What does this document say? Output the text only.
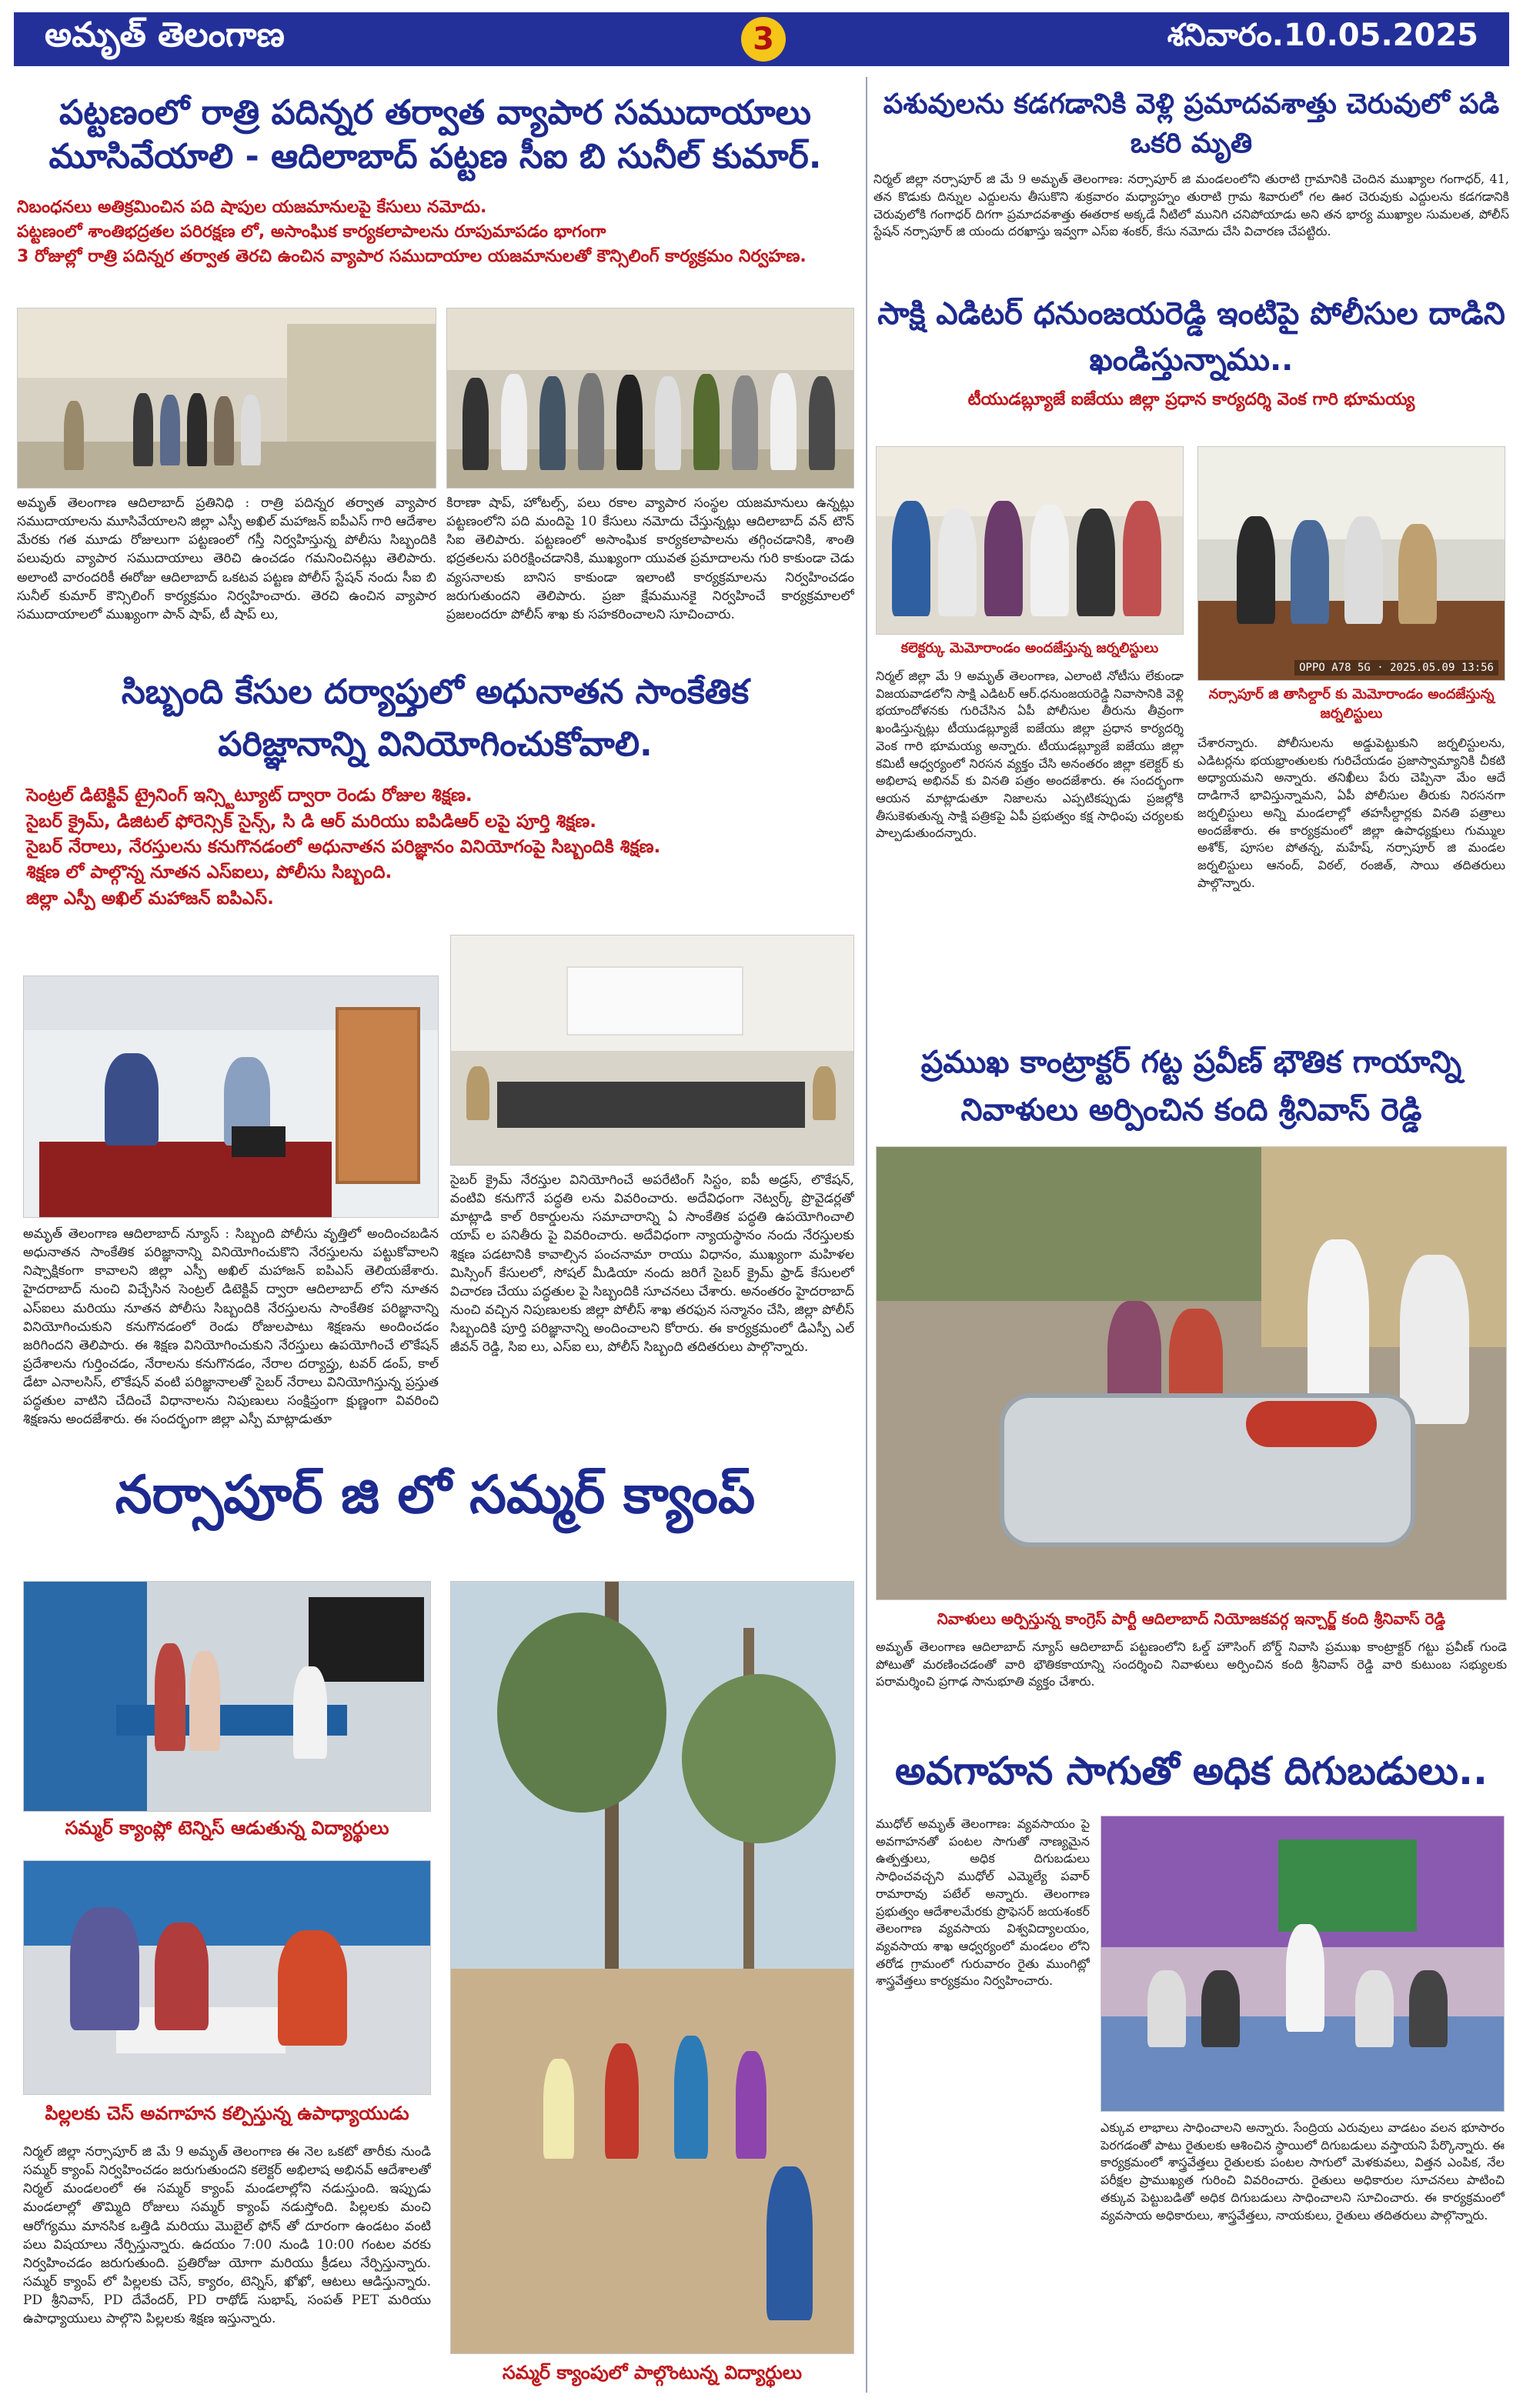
అమృత్ తెలంగాణ	3	శనివారం.10.05.2025
పట్టణంలో రాత్రి పదిన్నర తర్వాత వ్యాపార సముదాయాలు మూసివేయాలి - ఆదిలాబాద్ పట్టణ సీఐ బి సునీల్ కుమార్.
నిబంధనలు అతిక్రమించిన పది షాపుల యజమానులపై కేసులు నమోదు.
పట్టణంలో శాంతిభద్రతల పరిరక్షణ లో, అసాంఘిక కార్యకలాపాలను రూపుమాపడం భాగంగా
3 రోజుల్లో రాత్రి పదిన్నర తర్వాత తెరచి ఉంచిన వ్యాపార సముదాయాల యజమానులతో కౌన్సిలింగ్ కార్యక్రమం నిర్వహణ.
అమృత్ తెలంగాణ ఆదిలాబాద్ ప్రతినిధి : రాత్రి పదిన్నర తర్వాత వ్యాపార సముదాయాలను మూసివేయాలని జిల్లా ఎస్పీ అఖిల్ మహాజన్ ఐపీఎస్ గారి ఆదేశాల మేరకు గత మూడు రోజులుగా పట్టణంలో గస్తీ నిర్వహిస్తున్న పోలీసు సిబ్బందికి పలువురు వ్యాపార సముదాయాలు తెరిచి ఉంచడం గమనించినట్లు తెలిపారు. అలాంటి వారందరికీ ఈరోజు ఆదిలాబాద్ ఒకటవ పట్టణ పోలీస్ స్టేషన్ నందు సీఐ బి సునీల్ కుమార్ కౌన్సిలింగ్ కార్యక్రమం నిర్వహించారు. తెరచి ఉంచిన వ్యాపార సముదాయాలలో ముఖ్యంగా పాన్ షాప్, టీ షాప్ లు,
కిరాణా షాప్, హోటల్స్, పలు రకాల వ్యాపార సంస్థల యజమానులు ఉన్నట్లు పట్టణంలోని పది మందిపై 10 కేసులు నమోదు చేస్తున్నట్లు ఆదిలాబాద్ వన్ టౌన్ సిఐ తెలిపారు. పట్టణంలో అసాంఘిక కార్యకలాపాలను తగ్గించడానికి, శాంతి భద్రతలను పరిరక్షించడానికి, ముఖ్యంగా యువత ప్రమాదాలను గురి కాకుండా చెడు వ్యసనాలకు బానిస కాకుండా ఇలాంటి కార్యక్రమాలను నిర్వహించడం జరుగుతుందని తెలిపారు. ప్రజా క్షేమమునకై నిర్వహించే కార్యక్రమాలలో ప్రజలందరూ పోలీస్ శాఖ కు సహకరించాలని సూచించారు.
సిబ్బంది కేసుల దర్యాప్తులో అధునాతన సాంకేతిక పరిజ్ఞానాన్ని వినియోగించుకోవాలి.
సెంట్రల్ డిటెక్టివ్ ట్రైనింగ్ ఇన్స్టిట్యూట్ ద్వారా రెండు రోజుల శిక్షణ.
సైబర్ క్రైమ్, డిజిటల్ ఫోరెన్సిక్ సైన్స్, సి డి ఆర్ మరియు ఐపిడిఆర్ లపై పూర్తి శిక్షణ.
సైబర్ నేరాలు, నేరస్తులను కనుగొనడంలో అధునాతన పరిజ్ఞానం వినియోగంపై సిబ్బందికి శిక్షణ.
శిక్షణ లో పాల్గొన్న నూతన ఎస్ఐలు, పోలీసు సిబ్బంది.
జిల్లా ఎస్పీ అఖిల్ మహాజన్ ఐపిఎస్.
సైబర్ క్రైమ్ నేరస్తుల వినియోగించే అపరేటింగ్ సిస్టం, ఐపీ అడ్రస్, లొకేషన్, వంటివి కనుగొనే పద్ధతి లను వివరించారు. అదేవిధంగా నెట్వర్క్ ప్రొవైడర్లతో మాట్లాడి కాల్ రికార్డులను సమాచారాన్ని ఏ సాంకేతిక పద్ధతి ఉపయోగించాలి యాప్ ల పనితీరు పై వివరించారు. అదేవిధంగా న్యాయస్థానం నందు నేరస్తులకు శిక్షణ పడటానికి కావాల్సిన పంచనామా రాయు విధానం, ముఖ్యంగా మహిళల మిస్సింగ్ కేసులలో, సోషల్ మీడియా నందు జరిగే సైబర్ క్రైమ్ ఫ్రాడ్ కేసులలో విచారణ చేయు పద్ధతుల పై సిబ్బందికి సూచనలు చేశారు. అనంతరం హైదరాబాద్ నుంచి వచ్చిన నిపుణులకు జిల్లా పోలీస్ శాఖ తరఫున సన్మానం చేసి, జిల్లా పోలీస్ సిబ్బందికి పూర్తి పరిజ్ఞానాన్ని అందించాలని కోరారు. ఈ కార్యక్రమంలో డిఎస్పీ ఎల్ జీవన్ రెడ్డి, సిఐ లు, ఎస్ఐ లు, పోలీస్ సిబ్బంది తదితరులు పాల్గొన్నారు.
అమృత్ తెలంగాణ ఆదిలాబాద్ న్యూస్ : సిబ్బంది పోలీసు వృత్తిలో అందించబడిన అధునాతన సాంకేతిక పరిజ్ఞానాన్ని వినియోగించుకొని నేరస్తులను పట్టుకోవాలని నిష్పాక్షికంగా కావాలని జిల్లా ఎస్పీ అఖిల్ మహాజన్ ఐపిఎస్ తెలియజేశారు. హైదరాబాద్ నుంచి విచ్చేసిన సెంట్రల్ డిటెక్టివ్ ద్వారా ఆదిలాబాద్ లోని నూతన ఎస్ఐలు మరియు నూతన పోలీసు సిబ్బందికి నేరస్తులను సాంకేతిక పరిజ్ఞానాన్ని వినియోగించుకుని కనుగొనడంలో రెండు రోజులపాటు శిక్షణను అందించడం జరిగిందని తెలిపారు. ఈ శిక్షణ వినియోగించుకుని నేరస్తులు ఉపయోగించే లొకేషన్ ప్రదేశాలను గుర్తించడం, నేరాలను కనుగొనడం, నేరాల దర్యాప్తు, టవర్ డంప్, కాల్ డేటా ఎనాలసిస్, లొకేషన్ వంటి పరిజ్ఞానాలతో సైబర్ నేరాలు వినియోగిస్తున్న ప్రస్తుత పద్ధతుల వాటిని చేదించే విధానాలను నిపుణులు సంక్షిప్తంగా క్షుణ్ణంగా వివరించి శిక్షణను అందజేశారు. ఈ సందర్భంగా జిల్లా ఎస్పీ మాట్లాడుతూ
నర్సాపూర్ జి లో సమ్మర్ క్యాంప్
సమ్మర్ క్యాంప్లో టెన్నిస్ ఆడుతున్న విద్యార్థులు
పిల్లలకు చెస్ అవగాహన కల్పిస్తున్న ఉపాధ్యాయుడు
నిర్మల్ జిల్లా నర్సాపూర్ జి మే 9 అమృత్ తెలంగాణ ఈ నెల ఒకటో తారీకు నుండి సమ్మర్ క్యాంప్ నిర్వహించడం జరుగుతుందని కలెక్టర్ అభిలాష అభినవ్ ఆదేశాలతో నిర్మల్ మండలంలో ఈ సమ్మర్ క్యాంప్ మండలాల్లోని నడుస్తుంది. ఇప్పుడు మండలాల్లో తొమ్మిది రోజులు సమ్మర్ క్యాంప్ నడుస్తోంది. పిల్లలకు మంచి ఆరోగ్యము మానసిక ఒత్తిడి మరియు మొబైల్ ఫోన్ తో దూరంగా ఉండటం వంటి పలు విషయాలు నేర్పిస్తున్నారు. ఉదయం 7:00 నుండి 10:00 గంటల వరకు నిర్వహించడం జరుగుతుంది. ప్రతిరోజు యోగా మరియు క్రీడలు నేర్పిస్తున్నారు. సమ్మర్ క్యాంప్ లో పిల్లలకు చెస్, క్యారం, టెన్నిస్, ఖోఖో, ఆటలు ఆడిస్తున్నారు. PD శ్రీనివాస్, PD దేవేందర్, PD రాథోడ్ సుభాష్, సంపత్ PET మరియు ఉపాధ్యాయులు పాల్గొని పిల్లలకు శిక్షణ ఇస్తున్నారు.
సమ్మర్ క్యాంపులో పాల్గొంటున్న విద్యార్థులు
పశువులను కడగడానికి వెళ్లి ప్రమాదవశాత్తు చెరువులో పడి ఒకరి మృతి
నిర్మల్ జిల్లా నర్సాపూర్ జి మే 9 అమృత్ తెలంగాణ: నర్సాపూర్ జి మండలంలోని తురాటి గ్రామానికి చెందిన ముఖ్యాల గంగాధర్, 41, తన కొడుకు దిన్నుల ఎద్దులను తీసుకొని శుక్రవారం మధ్యాహ్నం తురాటి గ్రామ శివారులో గల ఊర చెరువుకు ఎద్దులను కడగడానికి చెరువులోకి గంగాధర్ దిగగా ప్రమాదవశాత్తు ఈతరాక అక్కడే నీటిలో మునిగి చనిపోయాడు అని తన భార్య ముఖ్యాల సుమలత, పోలీస్ స్టేషన్ నర్సాపూర్ జి యందు దరఖాస్తు ఇవ్వగా ఎస్ఐ శంకర్, కేసు నమోదు చేసి విచారణ చేపట్టిరు.
సాక్షి ఎడిటర్ ధనుంజయరెడ్డి ఇంటిపై పోలీసుల దాడిని ఖండిస్తున్నాము..
టీయుడబ్ల్యూజే ఐజేయు జిల్లా ప్రధాన కార్యదర్శి వెంక గారి భూమయ్య
కలెక్టర్కు మెమోరాండం అందజేస్తున్న జర్నలిస్టులు
OPPO A78 5G · 2025.05.09 13:56
నర్సాపూర్ జి తాసిల్దార్ కు మెమోరాండం అందజేస్తున్న జర్నలిస్టులు
నిర్మల్ జిల్లా మే 9 అమృత్ తెలంగాణ, ఎలాంటి నోటీసు లేకుండా విజయవాడలోని సాక్షి ఎడిటర్ ఆర్.ధనుంజయరెడ్డి నివాసానికి వెళ్లి భయాందోళనకు గురిచేసిన ఏపీ పోలీసుల తీరును తీవ్రంగా ఖండిస్తున్నట్లు టీయుడబ్ల్యూజే ఐజేయు జిల్లా ప్రధాన కార్యదర్శి వెంక గారి భూమయ్య అన్నారు. టీయుడబ్ల్యూజే ఐజేయు జిల్లా కమిటీ ఆధ్వర్యంలో నిరసన వ్యక్తం చేసి అనంతరం జిల్లా కలెక్టర్ కు అభిలాష అభినవ్ కు వినతి పత్రం అందజేశారు. ఈ సందర్భంగా ఆయన మాట్లాడుతూ నిజాలను ఎప్పటికప్పుడు ప్రజల్లోకి తీసుకెళుతున్న సాక్షి పత్రికపై ఏపీ ప్రభుత్వం కక్ష సాధింపు చర్యలకు పాల్పడుతుందన్నారు.
చేశారన్నారు. పోలీసులను అడ్డుపెట్టుకుని జర్నలిస్టులను, ఎడిటర్లను భయభ్రాంతులకు గురిచేయడం ప్రజాస్వామ్యానికి చీకటి అధ్యాయమని అన్నారు. తనిఖీలు పేరు చెప్పినా మేం ఆదే దాడిగానే భావిస్తున్నామని, ఏపీ పోలీసుల తీరుకు నిరసనగా జర్నలిస్టులు అన్ని మండలాల్లో తహసీల్దార్లకు వినతి పత్రాలు అందజేశారు. ఈ కార్యక్రమంలో జిల్లా ఉపాధ్యక్షులు గుమ్ముల అశోక్, పూసల పోతన్న, మహేష్, నర్సాపూర్ జి మండల జర్నలిస్టులు ఆనంద్, విఠల్, రంజిత్, సాయి తదితరులు పాల్గొన్నారు.
ప్రముఖ కాంట్రాక్టర్ గట్ట ప్రవీణ్ భౌతిక గాయాన్ని నివాళులు అర్పించిన కంది శ్రీనివాస్ రెడ్డి
నివాళులు అర్పిస్తున్న కాంగ్రెస్ పార్టీ ఆదిలాబాద్ నియోజకవర్గ ఇన్చార్జ్ కంది శ్రీనివాస్ రెడ్డి
అమృత్ తెలంగాణ ఆదిలాబాద్ న్యూస్ ఆదిలాబాద్ పట్టణంలోని ఓల్డ్ హౌసింగ్ బోర్డ్ నివాసి ప్రముఖ కాంట్రాక్టర్ గట్టు ప్రవీణ్ గుండె పోటుతో మరణించడంతో వారి భౌతికకాయాన్ని సందర్శించి నివాళులు అర్పించిన కంది శ్రీనివాస్ రెడ్డి వారి కుటుంబ సభ్యులకు పరామర్శించి ప్రగాఢ సానుభూతి వ్యక్తం చేశారు.
అవగాహన సాగుతో అధిక దిగుబడులు..
ముధోల్ అమృత్ తెలంగాణ: వ్యవసాయం పై అవగాహనతో పంటల సాగుతో నాణ్యమైన ఉత్పత్తులు, అధిక దిగుబడులు సాధించవచ్చని ముధోల్ ఎమ్మెల్యే పవార్ రామారావు పటేల్ అన్నారు. తెలంగాణ ప్రభుత్వం ఆదేశాలమేరకు ప్రొఫెసర్ జయశంకర్ తెలంగాణ వ్యవసాయ విశ్వవిద్యాలయం, వ్యవసాయ శాఖ ఆధ్వర్యంలో మండలం లోని తరోడ గ్రామంలో గురువారం రైతు ముంగిట్లో శాస్త్రవేత్తలు కార్యక్రమం నిర్వహించారు.
ఎక్కువ లాభాలు సాధించాలని అన్నారు. సేంద్రియ ఎరువులు వాడటం వలన భూసారం పెరగడంతో పాటు రైతులకు ఆశించిన స్థాయిలో దిగుబడులు వస్తాయని పేర్కొన్నారు. ఈ కార్యక్రమంలో శాస్త్రవేత్తలు రైతులకు పంటల సాగులో మెళకువలు, విత్తన ఎంపిక, నేల పరీక్షల ప్రాముఖ్యత గురించి వివరించారు. రైతులు అధికారుల సూచనలు పాటించి తక్కువ పెట్టుబడితో అధిక దిగుబడులు సాధించాలని సూచించారు. ఈ కార్యక్రమంలో వ్యవసాయ అధికారులు, శాస్త్రవేత్తలు, నాయకులు, రైతులు తదితరులు పాల్గొన్నారు.
